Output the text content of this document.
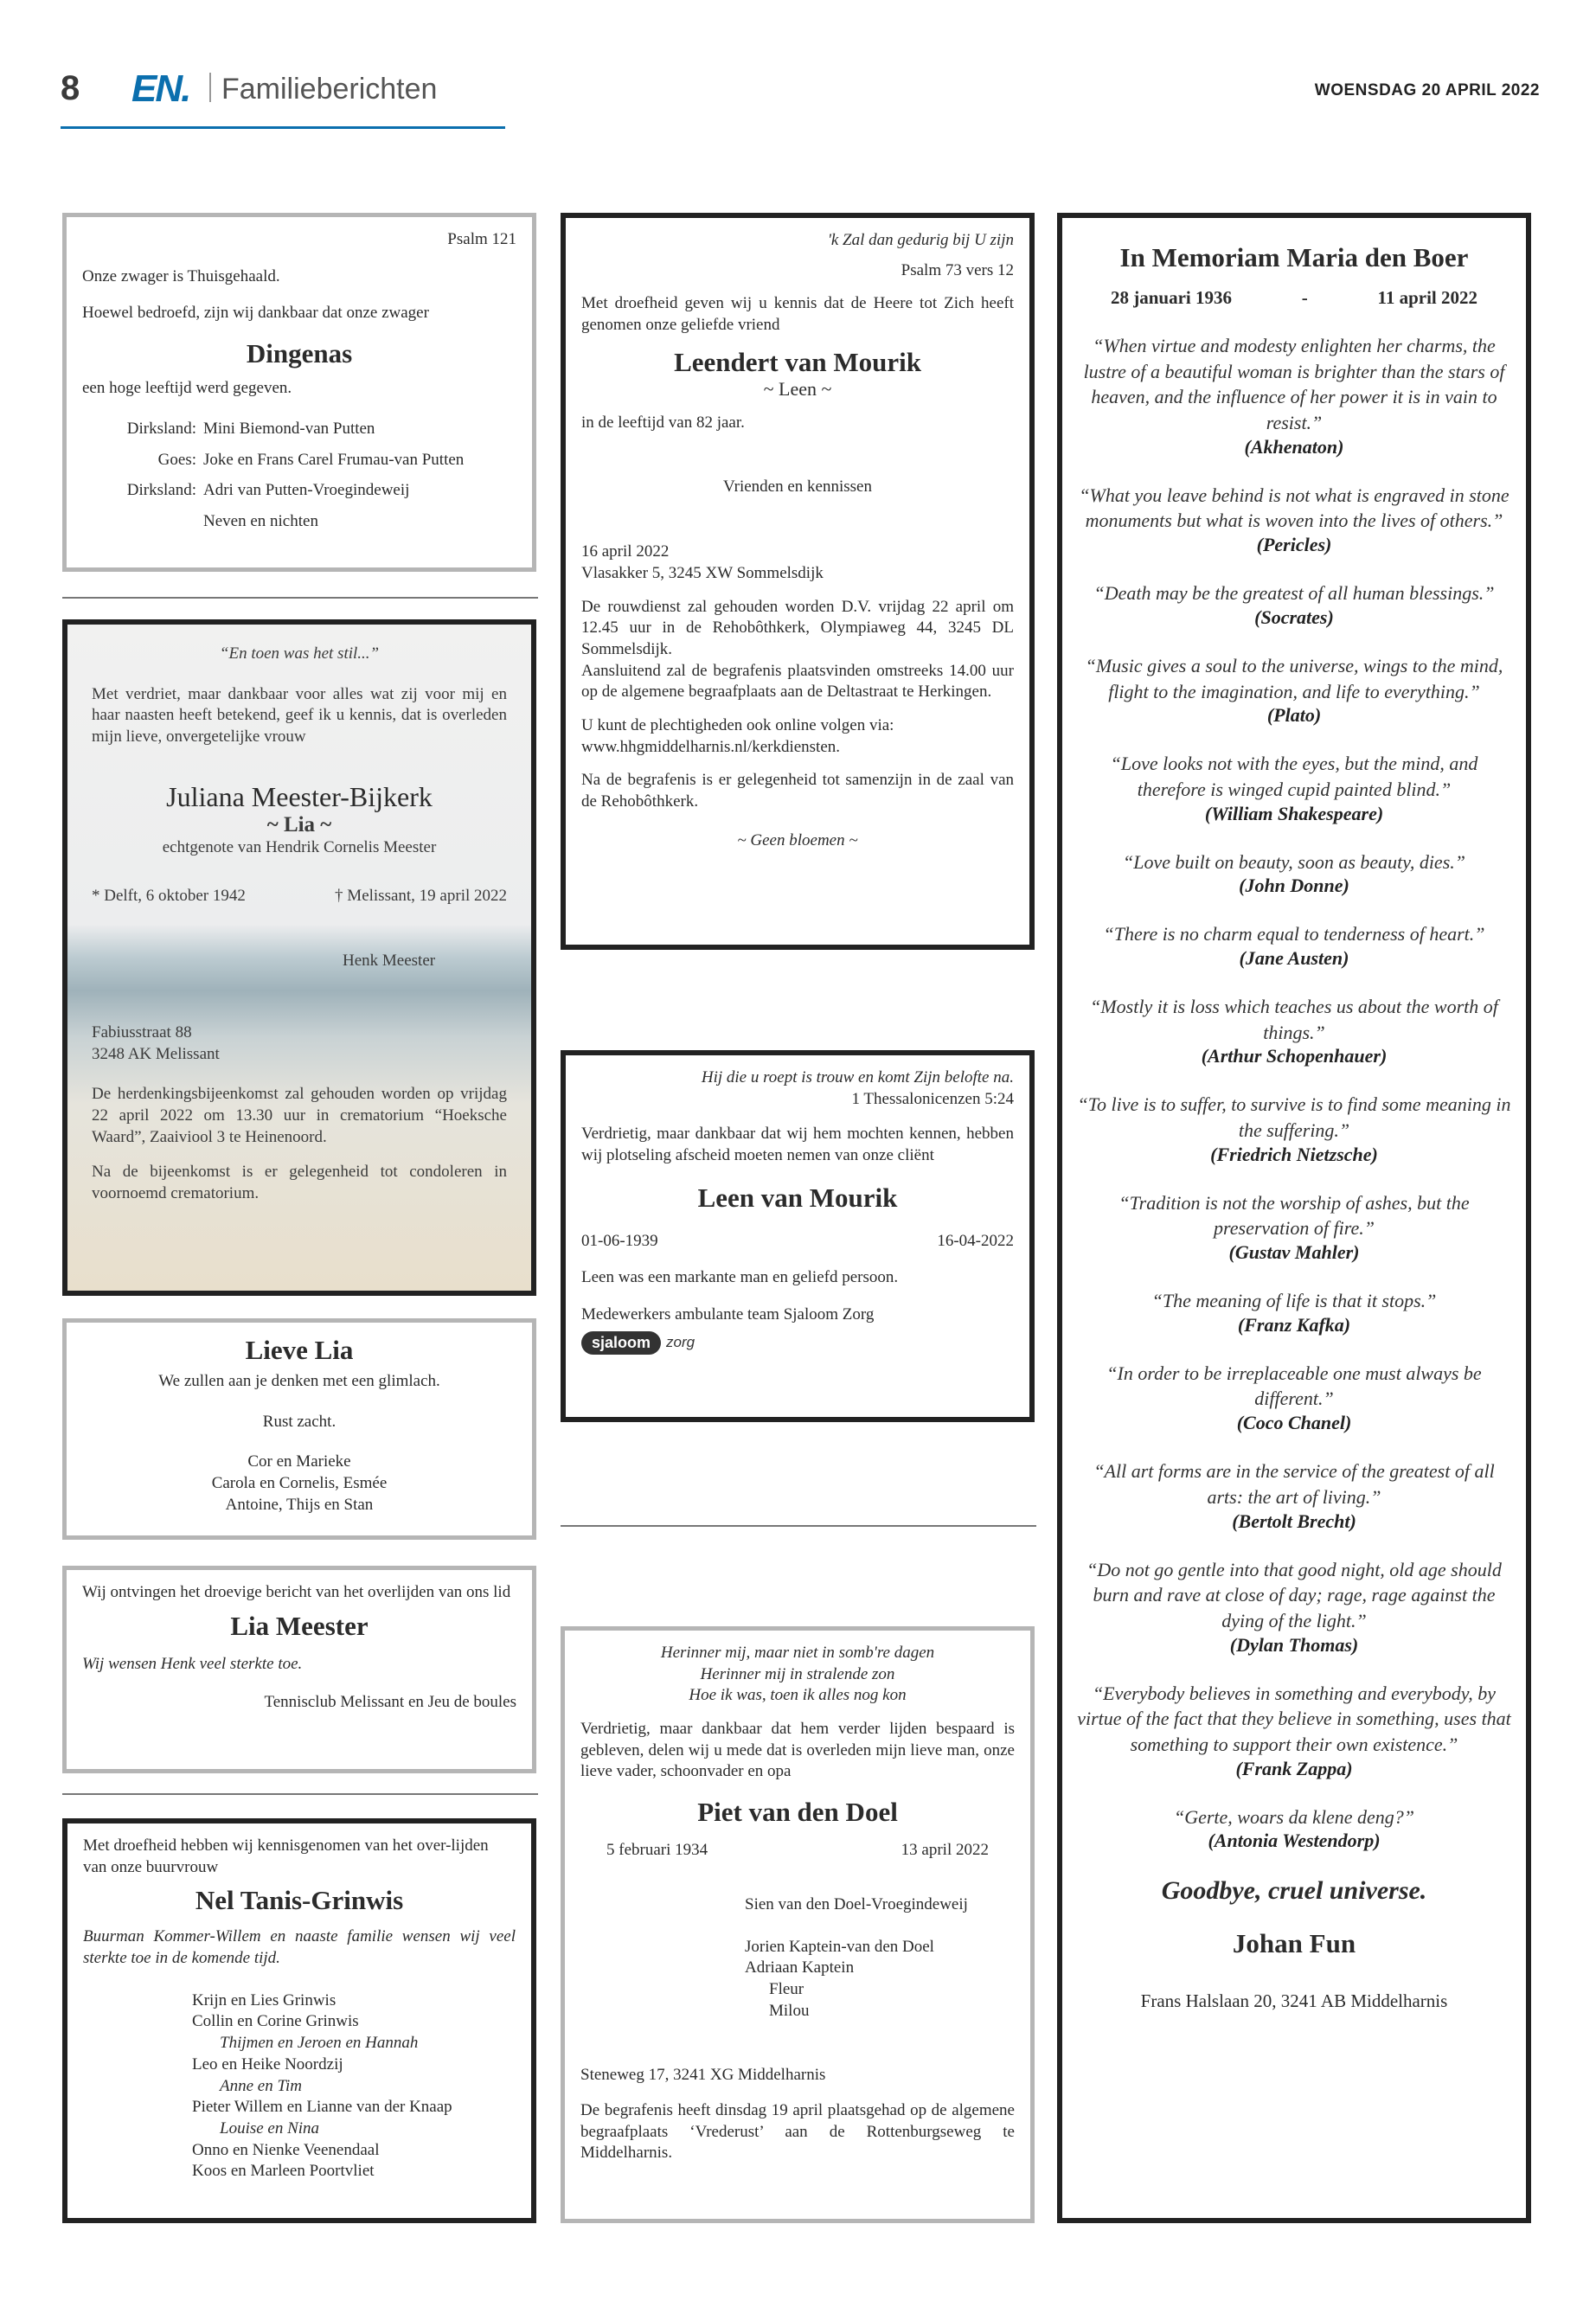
8 EN. Familieberichten	WOENSDAG 20 APRIL 2022
Psalm 121
Onze zwager is Thuisgehaald.
Hoewel bedroefd, zijn wij dankbaar dat onze zwager
Dingenas
een hoge leeftijd werd gegeven.
Dirksland: Mini Biemond-van Putten
Goes: Joke en Frans Carel Frumau-van Putten
Dirksland: Adri van Putten-Vroegindeweij
Neven en nichten
“En toen was het stil...”
Met verdriet, maar dankbaar voor alles wat zij voor mij en haar naasten heeft betekend, geef ik u kennis, dat is overleden mijn lieve, onvergetelijke vrouw
Juliana Meester-Bijkerk
~ Lia ~
echtgenote van Hendrik Cornelis Meester
* Delft, 6 oktober 1942	† Melissant, 19 april 2022
Henk Meester
Fabiusstraat 88
3248 AK Melissant
De herdenkingsbijeenkomst zal gehouden worden op vrijdag 22 april 2022 om 13.30 uur in crematorium “Hoeksche Waard”, Zaaiviool 3 te Heinenoord.
Na de bijeenkomst is er gelegenheid tot condoleren in voornoemd crematorium.
Lieve Lia
We zullen aan je denken met een glimlach.
Rust zacht.
Cor en Marieke
Carola en Cornelis, Esmée
Antoine, Thijs en Stan
Wij ontvingen het droevige bericht van het overlijden van ons lid
Lia Meester
Wij wensen Henk veel sterkte toe.
Tennisclub Melissant en Jeu de boules
Met droefheid hebben wij kennisgenomen van het over-lijden van onze buurvrouw
Nel Tanis-Grinwis
Buurman Kommer-Willem en naaste familie wensen wij veel sterkte toe in de komende tijd.
Krijn en Lies Grinwis
Collin en Corine Grinwis
Thijmen en Jeroen en Hannah
Leo en Heike Noordzij
Anne en Tim
Pieter Willem en Lianne van der Knaap
Louise en Nina
Onno en Nienke Veenendaal
Koos en Marleen Poortvliet
'k Zal dan gedurig bij U zijn
Psalm 73 vers 12
Met droefheid geven wij u kennis dat de Heere tot Zich heeft genomen onze geliefde vriend
Leendert van Mourik
~ Leen ~
in de leeftijd van 82 jaar.
Vrienden en kennissen
16 april 2022
Vlasakker 5, 3245 XW Sommelsdijk
De rouwdienst zal gehouden worden D.V. vrijdag 22 april om 12.45 uur in de Rehobôthkerk, Olympiaweg 44, 3245 DL Sommelsdijk.
Aansluitend zal de begrafenis plaatsvinden omstreeks 14.00 uur op de algemene begraafplaats aan de Deltastraat te Herkingen.
U kunt de plechtigheden ook online volgen via:
www.hhgmiddelharnis.nl/kerkdiensten.
Na de begrafenis is er gelegenheid tot samenzijn in de zaal van de Rehobôthkerk.
~ Geen bloemen ~
Hij die u roept is trouw en komt Zijn belofte na.
1 Thessalonicenzen 5:24
Verdrietig, maar dankbaar dat wij hem mochten kennen, hebben wij plotseling afscheid moeten nemen van onze cliënt
Leen van Mourik
01-06-1939	16-04-2022
Leen was een markante man en geliefd persoon.
Medewerkers ambulante team Sjaloom Zorg
sjaloom	zorg
Herinner mij, maar niet in somb're dagen
Herinner mij in stralende zon
Hoe ik was, toen ik alles nog kon
Verdrietig, maar dankbaar dat hem verder lijden bespaard is gebleven, delen wij u mede dat is overleden mijn lieve man, onze lieve vader, schoonvader en opa
Piet van den Doel
5 februari 1934	13 april 2022
Sien van den Doel-Vroegindeweij
Jorien Kaptein-van den Doel
Adriaan Kaptein
Fleur
Milou
Steneweg 17, 3241 XG Middelharnis
De begrafenis heeft dinsdag 19 april plaatsgehad op de algemene begraafplaats ‘Vrederust’ aan de Rottenburgseweg te Middelharnis.
In Memoriam Maria den Boer
28 januari 1936	-	11 april 2022
“When virtue and modesty enlighten her charms, the lustre of a beautiful woman is brighter than the stars of heaven, and the influence of her power it is in vain to resist.”
(Akhenaton)
“What you leave behind is not what is engraved in stone monuments but what is woven into the lives of others.”
(Pericles)
“Death may be the greatest of all human blessings.”
(Socrates)
“Music gives a soul to the universe, wings to the mind, flight to the imagination, and life to everything.”
(Plato)
“Love looks not with the eyes, but the mind, and therefore is winged cupid painted blind.”
(William Shakespeare)
“Love built on beauty, soon as beauty, dies.”
(John Donne)
“There is no charm equal to tenderness of heart.”
(Jane Austen)
“Mostly it is loss which teaches us about the worth of things.”
(Arthur Schopenhauer)
“To live is to suffer, to survive is to find some meaning in the suffering.”
(Friedrich Nietzsche)
“Tradition is not the worship of ashes, but the preservation of fire.”
(Gustav Mahler)
“The meaning of life is that it stops.”
(Franz Kafka)
“In order to be irreplaceable one must always be different.”
(Coco Chanel)
“All art forms are in the service of the greatest of all arts: the art of living.”
(Bertolt Brecht)
“Do not go gentle into that good night, old age should burn and rave at close of day; rage, rage against the dying of the light.”
(Dylan Thomas)
“Everybody believes in something and everybody, by virtue of the fact that they believe in something, uses that something to support their own existence.”
(Frank Zappa)
“Gerte, woars da klene deng?”
(Antonia Westendorp)
Goodbye, cruel universe.
Johan Fun
Frans Halslaan 20, 3241 AB Middelharnis
